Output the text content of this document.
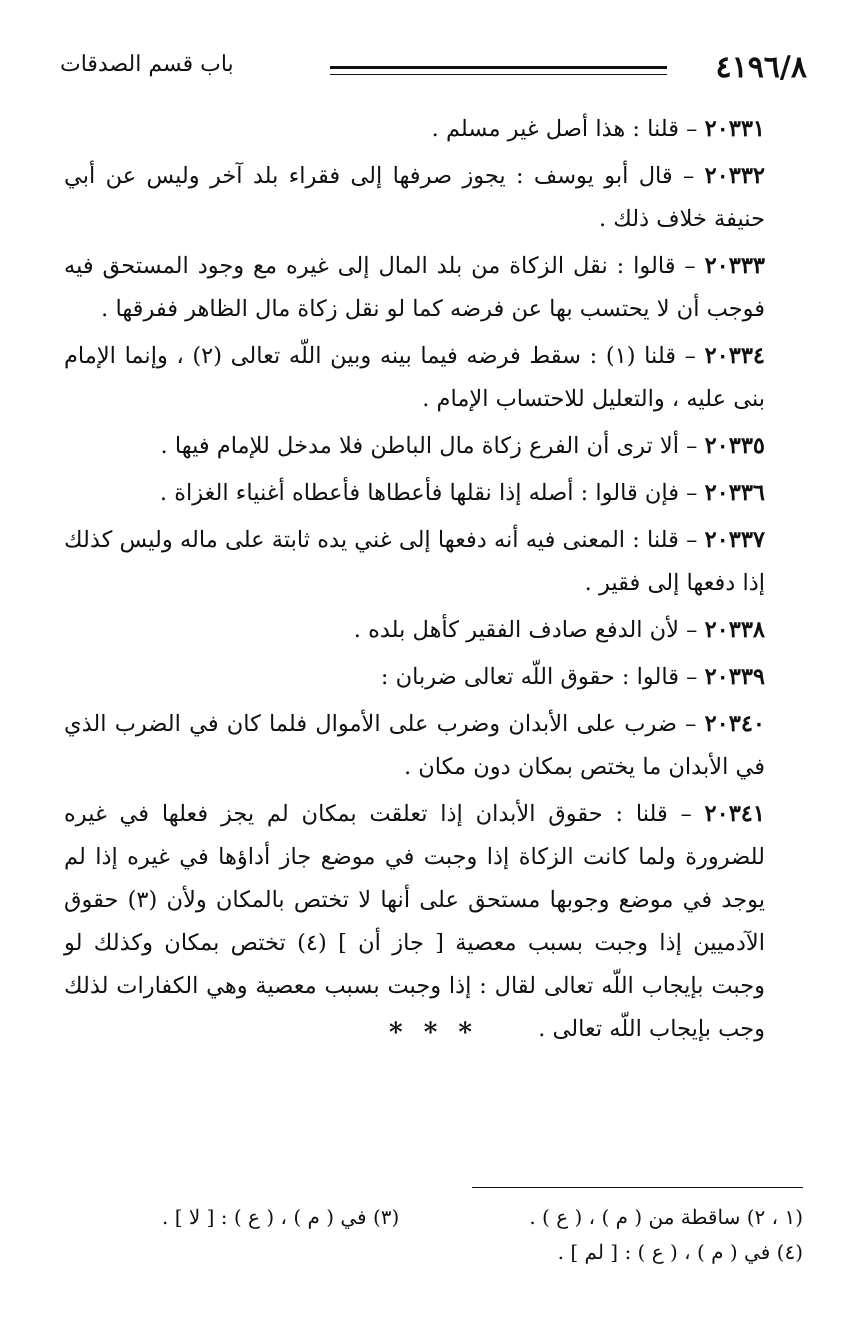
٤١٩٦/٨
باب قسم الصدقات

٢٠٣٣١ – قلنا : هذا أصل غير مسلم .

٢٠٣٣٢ – قال أبو يوسف : يجوز صرفها إلى فقراء بلد آخر وليس عن أبي حنيفة خلاف ذلك .

٢٠٣٣٣ – قالوا : نقل الزكاة من بلد المال إلى غيره مع وجود المستحق فيه فوجب أن لا يحتسب بها عن فرضه كما لو نقل زكاة مال الظاهر ففرقها .

٢٠٣٣٤ – قلنا (١) : سقط فرضه فيما بينه وبين اللّه تعالى (٢) ، وإنما الإمام بنى عليه ، والتعليل للاحتساب الإمام .

٢٠٣٣٥ – ألا ترى أن الفرع زكاة مال الباطن فلا مدخل للإمام فيها .

٢٠٣٣٦ – فإن قالوا : أصله إذا نقلها فأعطاها فأعطاه أغنياء الغزاة .

٢٠٣٣٧ – قلنا : المعنى فيه أنه دفعها إلى غني يده ثابتة على ماله وليس كذلك إذا دفعها إلى فقير .

٢٠٣٣٨ – لأن الدفع صادف الفقير كأهل بلده .

٢٠٣٣٩ – قالوا : حقوق اللّه تعالى ضربان :

٢٠٣٤٠ – ضرب على الأبدان وضرب على الأموال فلما كان في الضرب الذي في الأبدان ما يختص بمكان دون مكان .

٢٠٣٤١ – قلنا : حقوق الأبدان إذا تعلقت بمكان لم يجز فعلها في غيره للضرورة ولما كانت الزكاة إذا وجبت في موضع جاز أداؤها في غيره إذا لم يوجد في موضع وجوبها مستحق على أنها لا تختص بالمكان ولأن (٣) حقوق الآدميين إذا وجبت بسبب معصية [ جاز أن ] (٤) تختص بمكان وكذلك لو وجبت بإيجاب اللّه تعالى لقال : إذا وجبت بسبب معصية وهي الكفارات لذلك وجب بإيجاب اللّه تعالى .

* * *
(١ ، ٢) ساقطة من ( م ) ، ( ع ) .
(٣) في ( م ) ، ( ع ) : [ لا ] .
(٤) في ( م ) ، ( ع ) : [ لم ] .
